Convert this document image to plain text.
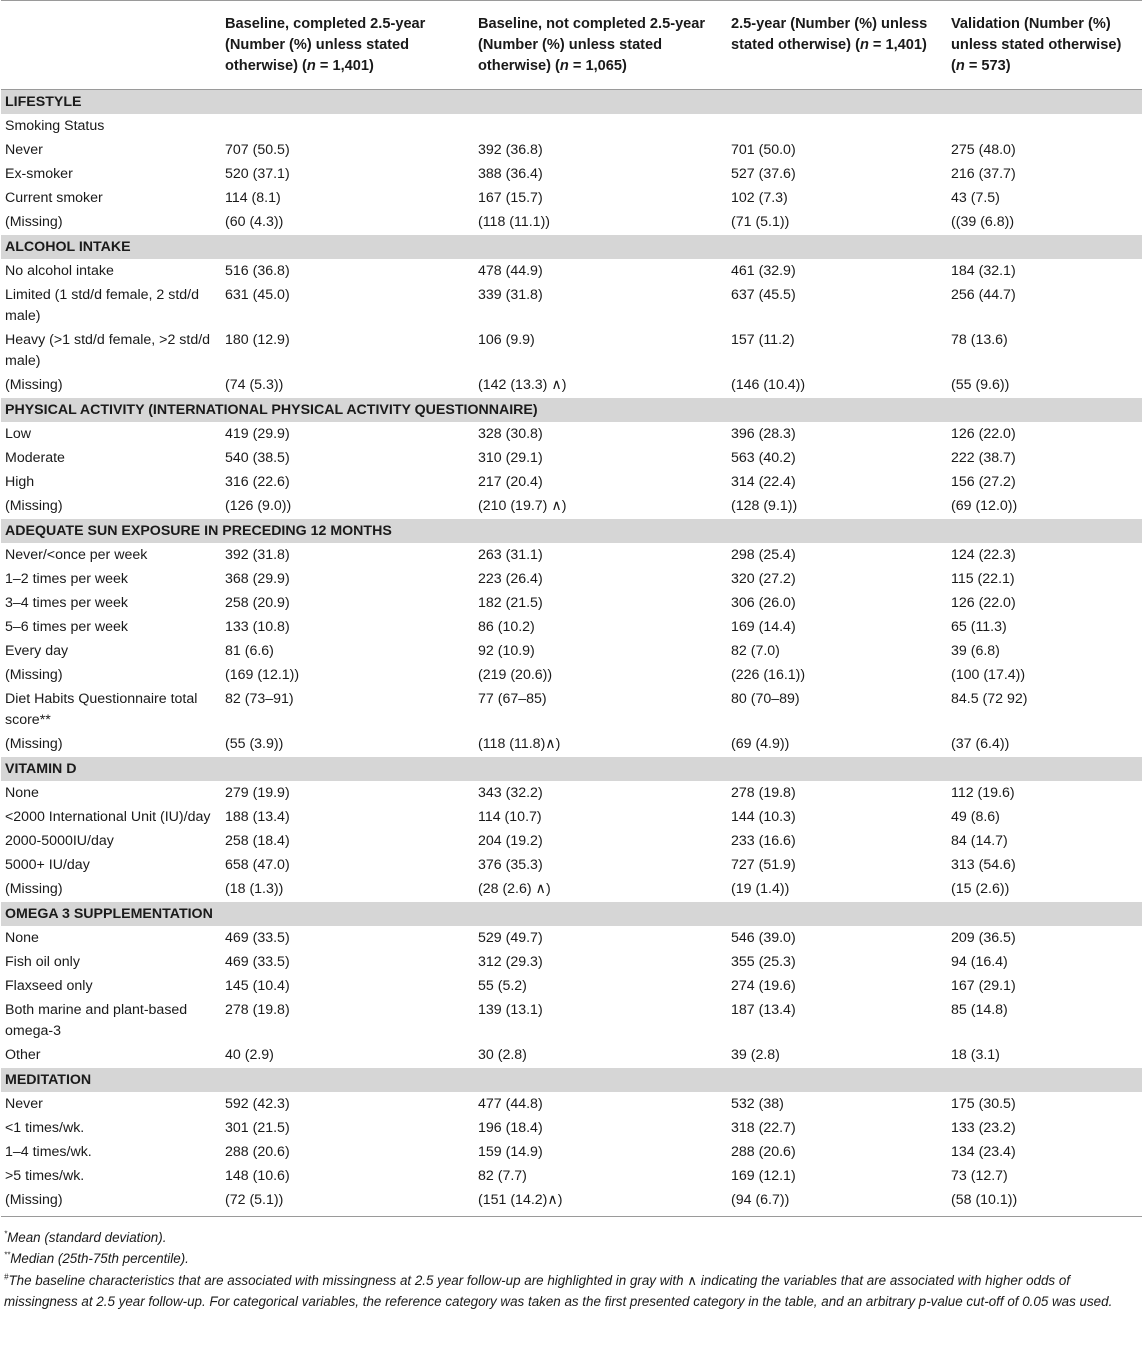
	Baseline, completed 2.5-year (Number (%) unless stated otherwise) (n = 1,401)	Baseline, not completed 2.5-year (Number (%) unless stated otherwise) (n = 1,065)	2.5-year (Number (%) unless stated otherwise) (n = 1,401)	Validation (Number (%) unless stated otherwise) (n = 573)
LIFESTYLE				
Smoking Status				
Never	707 (50.5)	392 (36.8)	701 (50.0)	275 (48.0)
Ex-smoker	520 (37.1)	388 (36.4)	527 (37.6)	216 (37.7)
Current smoker	114 (8.1)	167 (15.7)	102 (7.3)	43 (7.5)
(Missing)	(60 (4.3))	(118 (11.1))	(71 (5.1))	((39 (6.8))
ALCOHOL INTAKE				
No alcohol intake	516 (36.8)	478 (44.9)	461 (32.9)	184 (32.1)
Limited (1 std/d female, 2 std/d male)	631 (45.0)	339 (31.8)	637 (45.5)	256 (44.7)
Heavy (>1 std/d female, >2 std/d male)	180 (12.9)	106 (9.9)	157 (11.2)	78 (13.6)
(Missing)	(74 (5.3))	(142 (13.3) ∧)	(146 (10.4))	(55 (9.6))
PHYSICAL ACTIVITY (INTERNATIONAL PHYSICAL ACTIVITY QUESTIONNAIRE)				
Low	419 (29.9)	328 (30.8)	396 (28.3)	126 (22.0)
Moderate	540 (38.5)	310 (29.1)	563 (40.2)	222 (38.7)
High	316 (22.6)	217 (20.4)	314 (22.4)	156 (27.2)
(Missing)	(126 (9.0))	(210 (19.7) ∧)	(128 (9.1))	(69 (12.0))
ADEQUATE SUN EXPOSURE IN PRECEDING 12 MONTHS				
Never/<once per week	392 (31.8)	263 (31.1)	298 (25.4)	124 (22.3)
1–2 times per week	368 (29.9)	223 (26.4)	320 (27.2)	115 (22.1)
3–4 times per week	258 (20.9)	182 (21.5)	306 (26.0)	126 (22.0)
5–6 times per week	133 (10.8)	86 (10.2)	169 (14.4)	65 (11.3)
Every day	81 (6.6)	92 (10.9)	82 (7.0)	39 (6.8)
(Missing)	(169 (12.1))	(219 (20.6))	(226 (16.1))	(100 (17.4))
Diet Habits Questionnaire total score**	82 (73–91)	77 (67–85)	80 (70–89)	84.5 (72 92)
(Missing)	(55 (3.9))	(118 (11.8)∧)	(69 (4.9))	(37 (6.4))
VITAMIN D				
None	279 (19.9)	343 (32.2)	278 (19.8)	112 (19.6)
<2000 International Unit (IU)/day	188 (13.4)	114 (10.7)	144 (10.3)	49 (8.6)
2000-5000IU/day	258 (18.4)	204 (19.2)	233 (16.6)	84 (14.7)
5000+ IU/day	658 (47.0)	376 (35.3)	727 (51.9)	313 (54.6)
(Missing)	(18 (1.3))	(28 (2.6) ∧)	(19 (1.4))	(15 (2.6))
OMEGA 3 SUPPLEMENTATION				
None	469 (33.5)	529 (49.7)	546 (39.0)	209 (36.5)
Fish oil only	469 (33.5)	312 (29.3)	355 (25.3)	94 (16.4)
Flaxseed only	145 (10.4)	55 (5.2)	274 (19.6)	167 (29.1)
Both marine and plant-based omega-3	278 (19.8)	139 (13.1)	187 (13.4)	85 (14.8)
Other	40 (2.9)	30 (2.8)	39 (2.8)	18 (3.1)
MEDITATION				
Never	592 (42.3)	477 (44.8)	532 (38)	175 (30.5)
<1 times/wk.	301 (21.5)	196 (18.4)	318 (22.7)	133 (23.2)
1–4 times/wk.	288 (20.6)	159 (14.9)	288 (20.6)	134 (23.4)
>5 times/wk.	148 (10.6)	82 (7.7)	169 (12.1)	73 (12.7)
(Missing)	(72 (5.1))	(151 (14.2)∧)	(94 (6.7))	(58 (10.1))

*Mean (standard deviation).

**Median (25th-75th percentile).

#The baseline characteristics that are associated with missingness at 2.5 year follow-up are highlighted in gray with ∧ indicating the variables that are associated with higher odds of missingness at 2.5 year follow-up. For categorical variables, the reference category was taken as the first presented category in the table, and an arbitrary p-value cut-off of 0.05 was used.
